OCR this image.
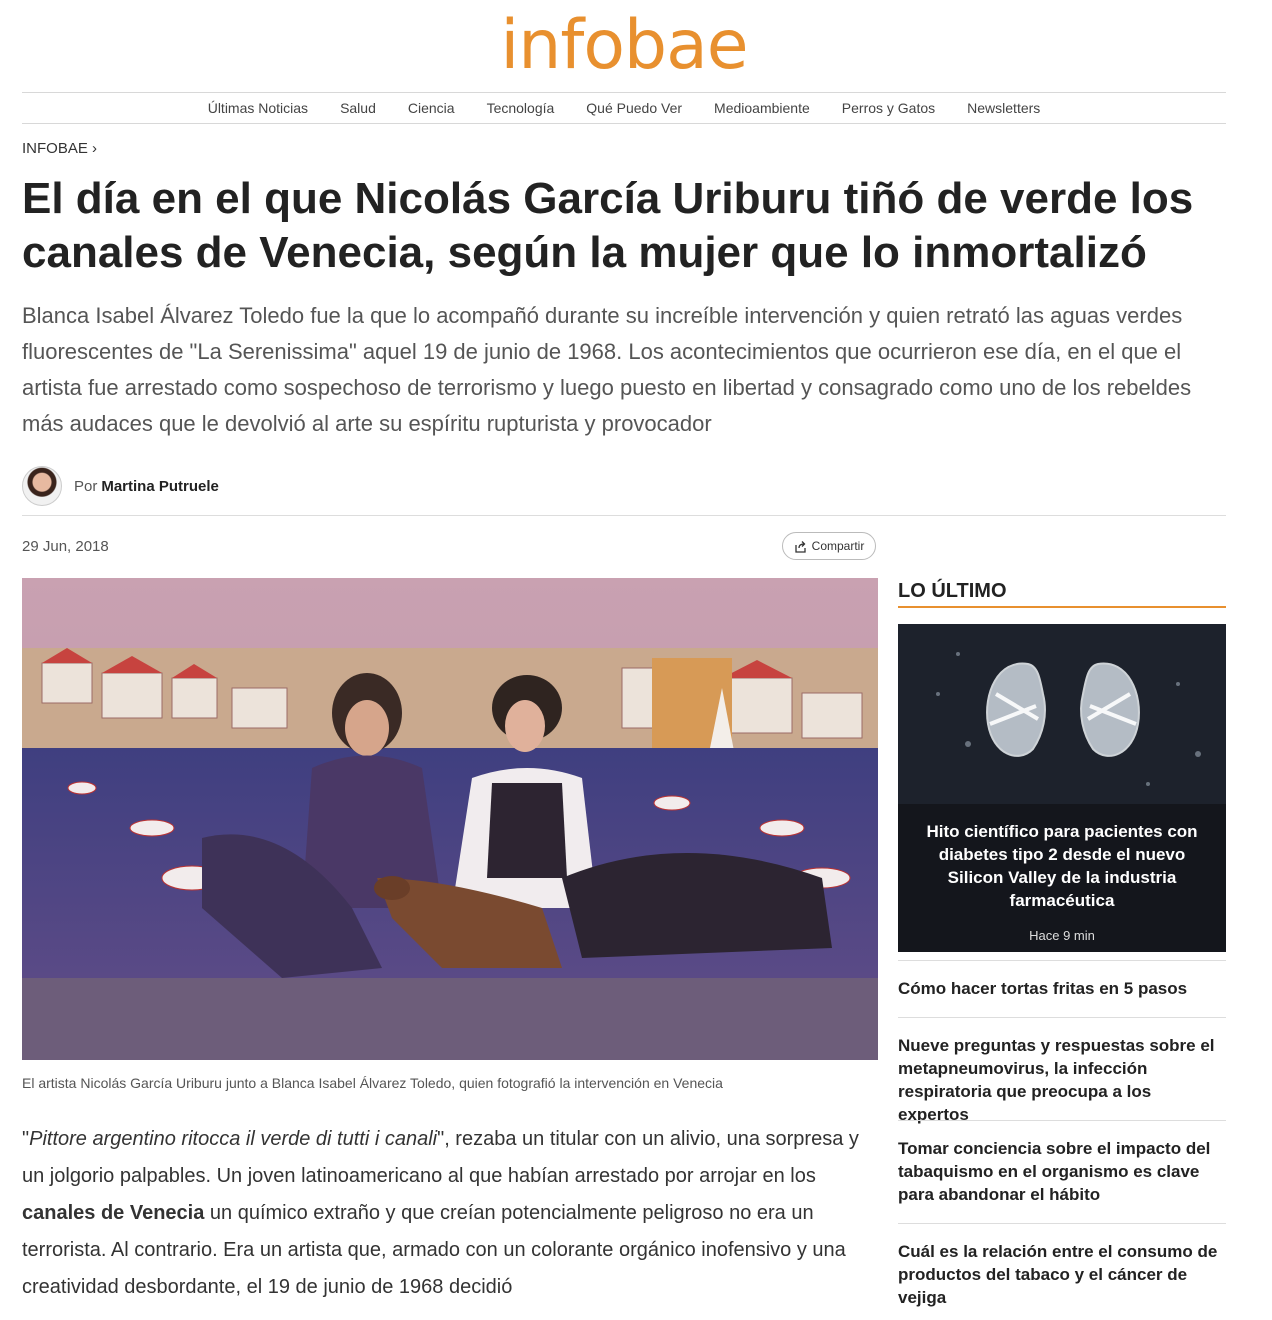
infobae
Últimas Noticias Salud Ciencia Tecnología Qué Puedo Ver Medioambiente Perros y Gatos Newsletters
INFOBAE ›
El día en el que Nicolás García Uriburu tiñó de verde los canales de Venecia, según la mujer que lo inmortalizó

Blanca Isabel Álvarez Toledo fue la que lo acompañó durante su increíble intervención y quien retrató las aguas verdes fluorescentes de "La Serenissima" aquel 19 de junio de 1968. Los acontecimientos que ocurrieron ese día, en el que el artista fue arrestado como sospechoso de terrorismo y luego puesto en libertad y consagrado como uno de los rebeldes más audaces que le devolvió al arte su espíritu rupturista y provocador

Por Martina Putruele
29 Jun, 2018	Compartir
El artista Nicolás García Uriburu junto a Blanca Isabel Álvarez Toledo, quien fotografió la intervención en Venecia

"Pittore argentino ritocca il verde di tutti i canali", rezaba un titular con un alivio, una sorpresa y un jolgorio palpables. Un joven latinoamericano al que habían arrestado por arrojar en los canales de Venecia un químico extraño y que creían potencialmente peligroso no era un terrorista. Al contrario. Era un artista que, armado con un colorante orgánico inofensivo y una creatividad desbordante, el 19 de junio de 1968 decidió

LO ÚLTIMO
Hito científico para pacientes con diabetes tipo 2 desde el nuevo Silicon Valley de la industria farmacéutica
Hace 9 min
Cómo hacer tortas fritas en 5 pasos
Nueve preguntas y respuestas sobre el metapneumovirus, la infección respiratoria que preocupa a los expertos
Tomar conciencia sobre el impacto del tabaquismo en el organismo es clave para abandonar el hábito
Cuál es la relación entre el consumo de productos del tabaco y el cáncer de vejiga
